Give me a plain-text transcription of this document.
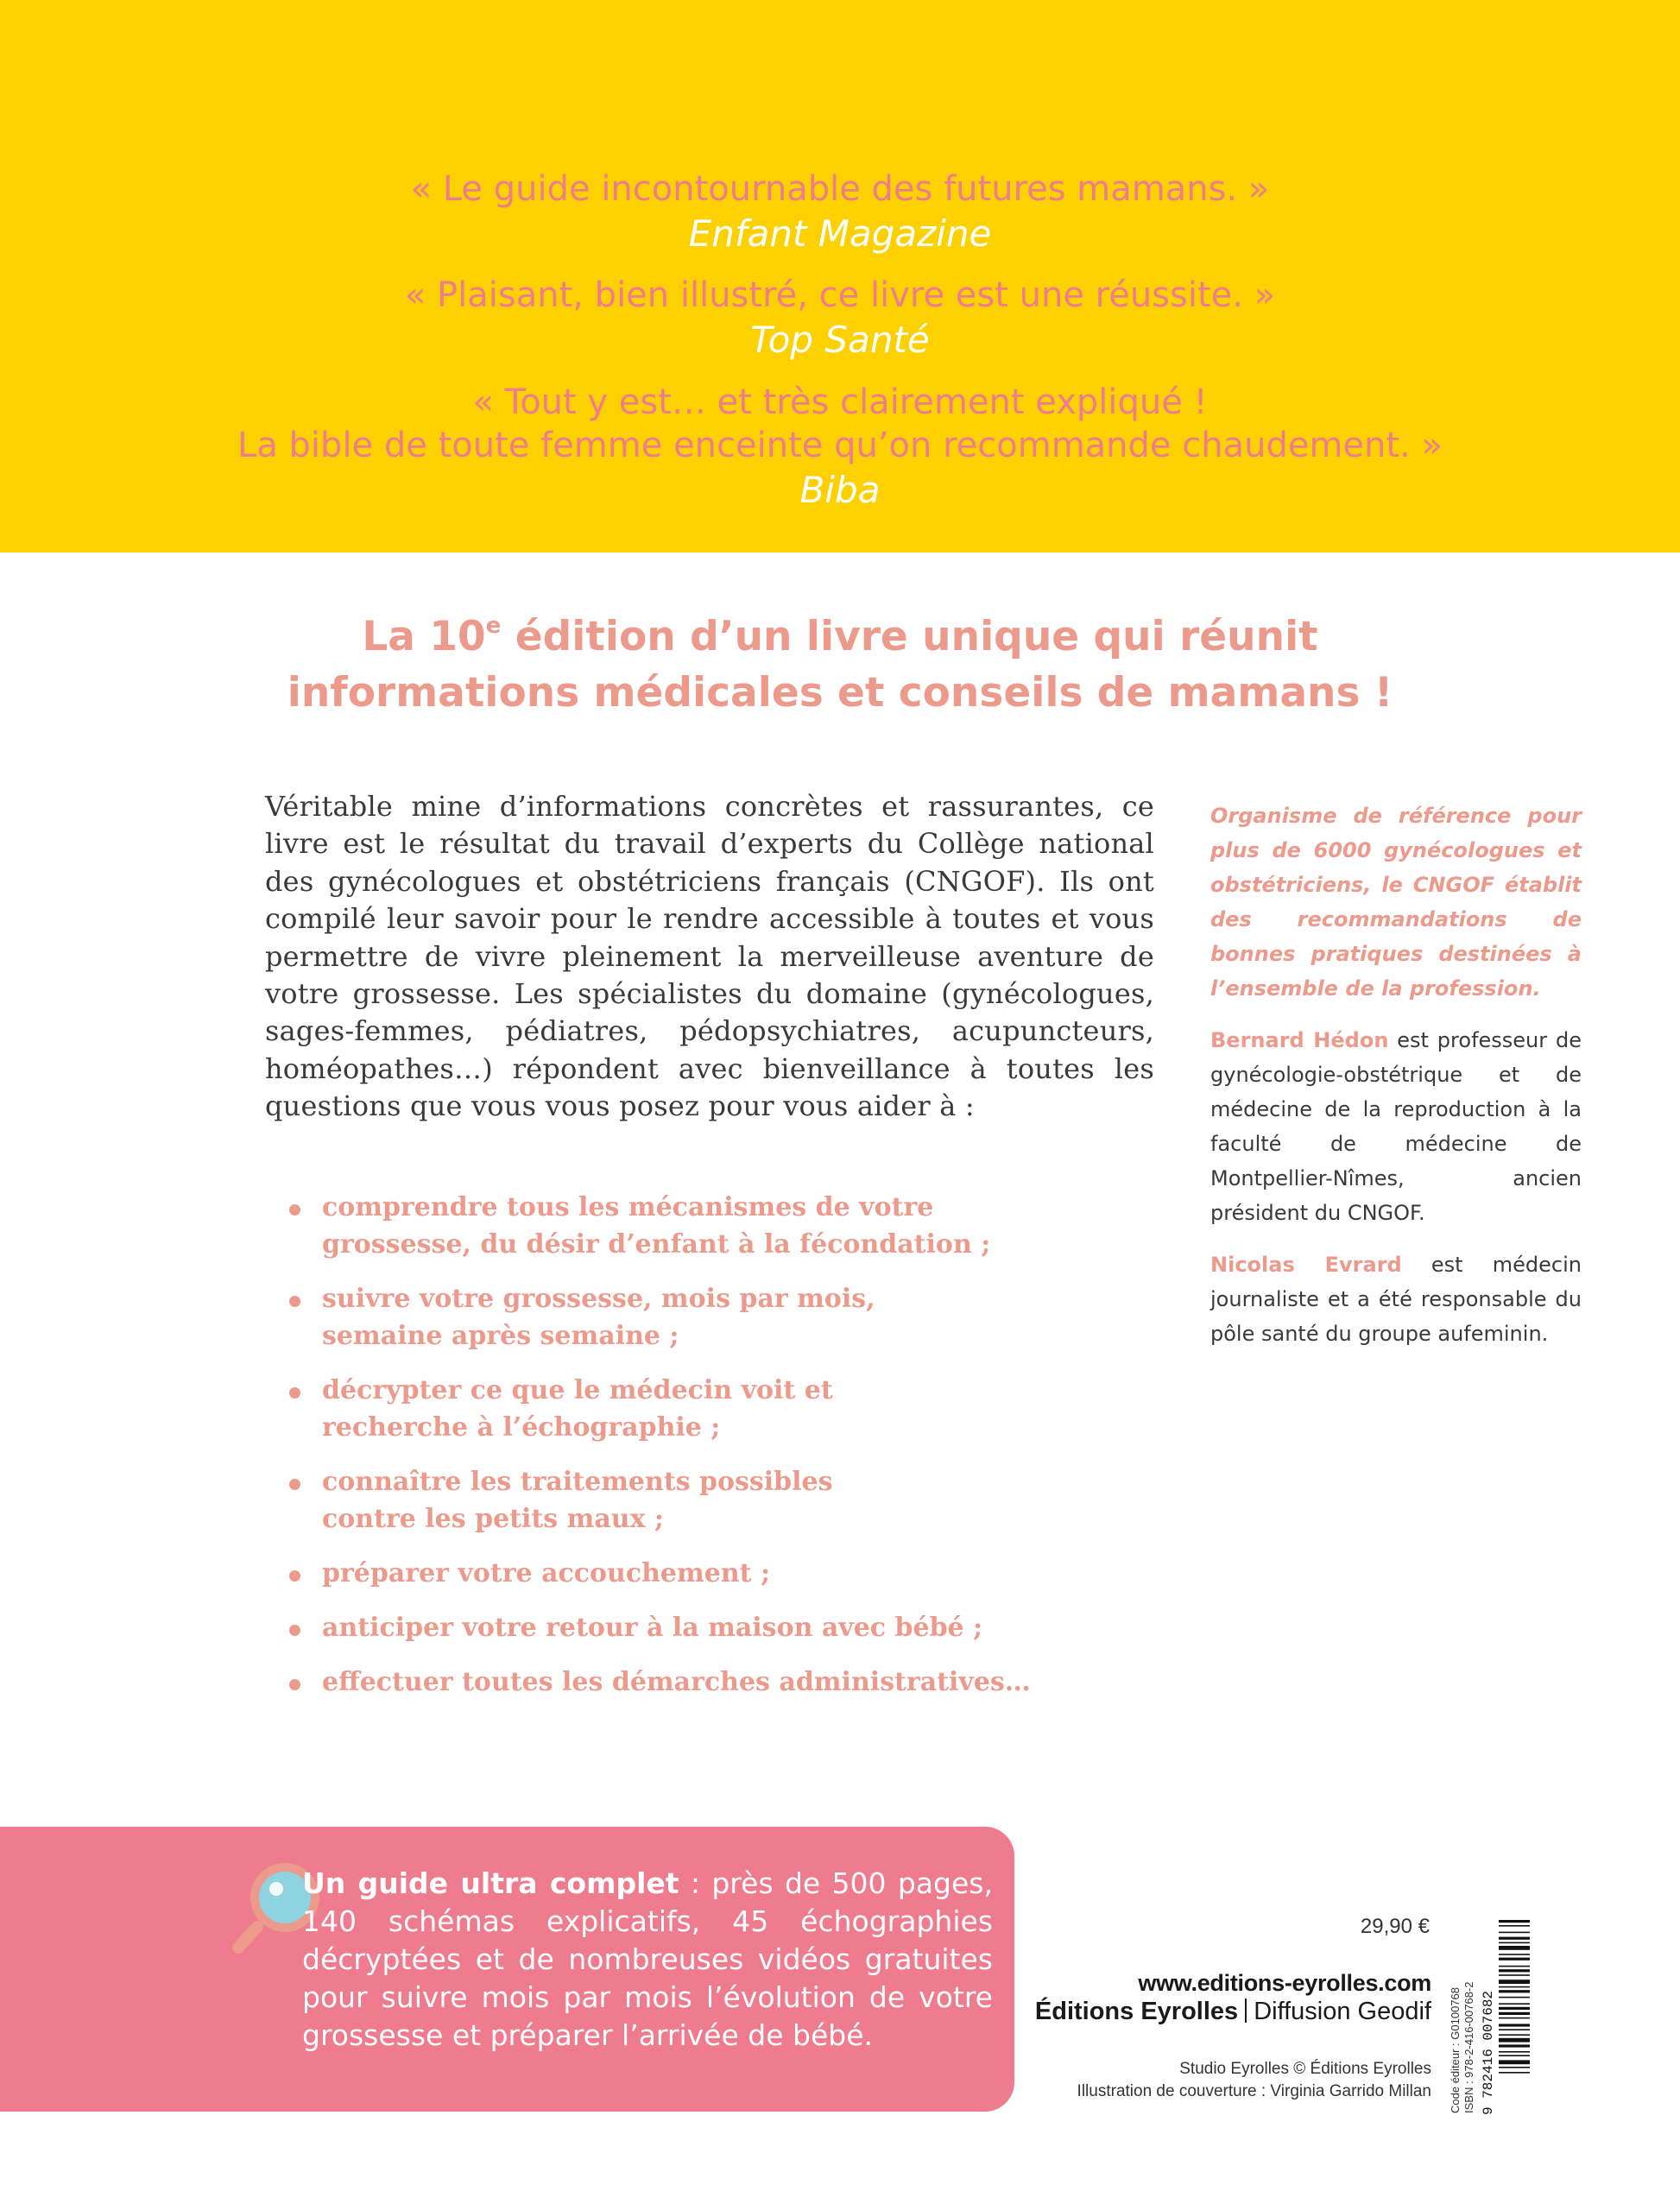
« Le guide incontournable des futures mamans. »
Enfant Magazine
« Plaisant, bien illustré, ce livre est une réussite. »
Top Santé
« Tout y est… et très clairement expliqué !
La bible de toute femme enceinte qu’on recommande chaudement. »
Biba
La 10e édition d’un livre unique qui réunit
informations médicales et conseils de mamans !
Véritable mine d’informations concrètes et rassurantes, ce livre est le résultat du travail d’experts du Collège national des gynécologues et obstétriciens français (CNGOF). Ils ont compilé leur savoir pour le rendre accessible à toutes et vous permettre de vivre pleinement la merveilleuse aventure de votre grossesse. Les spécialistes du domaine (gynécologues, sages-femmes, pédiatres, pédopsychiatres, acupuncteurs, homéopathes…) répondent avec bienveillance à toutes les questions que vous vous posez pour vous aider à :
comprendre tous les mécanismes de votre
grossesse, du désir d’enfant à la fécondation ;
suivre votre grossesse, mois par mois,
semaine après semaine ;
décrypter ce que le médecin voit et
recherche à l’échographie ;
connaître les traitements possibles
contre les petits maux ;
préparer votre accouchement ;
anticiper votre retour à la maison avec bébé ;
effectuer toutes les démarches administratives…
Organisme de référence pour plus de 6000 gynécologues et obstétriciens, le CNGOF établit des recommandations de bonnes pratiques destinées à l’ensemble de la profession.
Bernard Hédon est professeur de gynécologie-obstétrique et de médecine de la reproduction à la faculté de médecine de Montpellier-Nîmes, ancien président du CNGOF.
Nicolas Evrard est médecin journaliste et a été responsable du pôle santé du groupe aufeminin.
Un guide ultra complet : près de 500 pages, 140 schémas explicatifs, 45 échographies décryptées et de nombreuses vidéos gratuites pour suivre mois par mois l’évolution de votre grossesse et préparer l’arrivée de bébé.
29,90 €
www.editions-eyrolles.com
Éditions Eyrolles Diffusion Geodif
Studio Eyrolles © Éditions Eyrolles
Illustration de couverture : Virginia Garrido Millan Code éditeur : G0100768 ISBN : 978-2-416-00768-2 9 782416 007682
